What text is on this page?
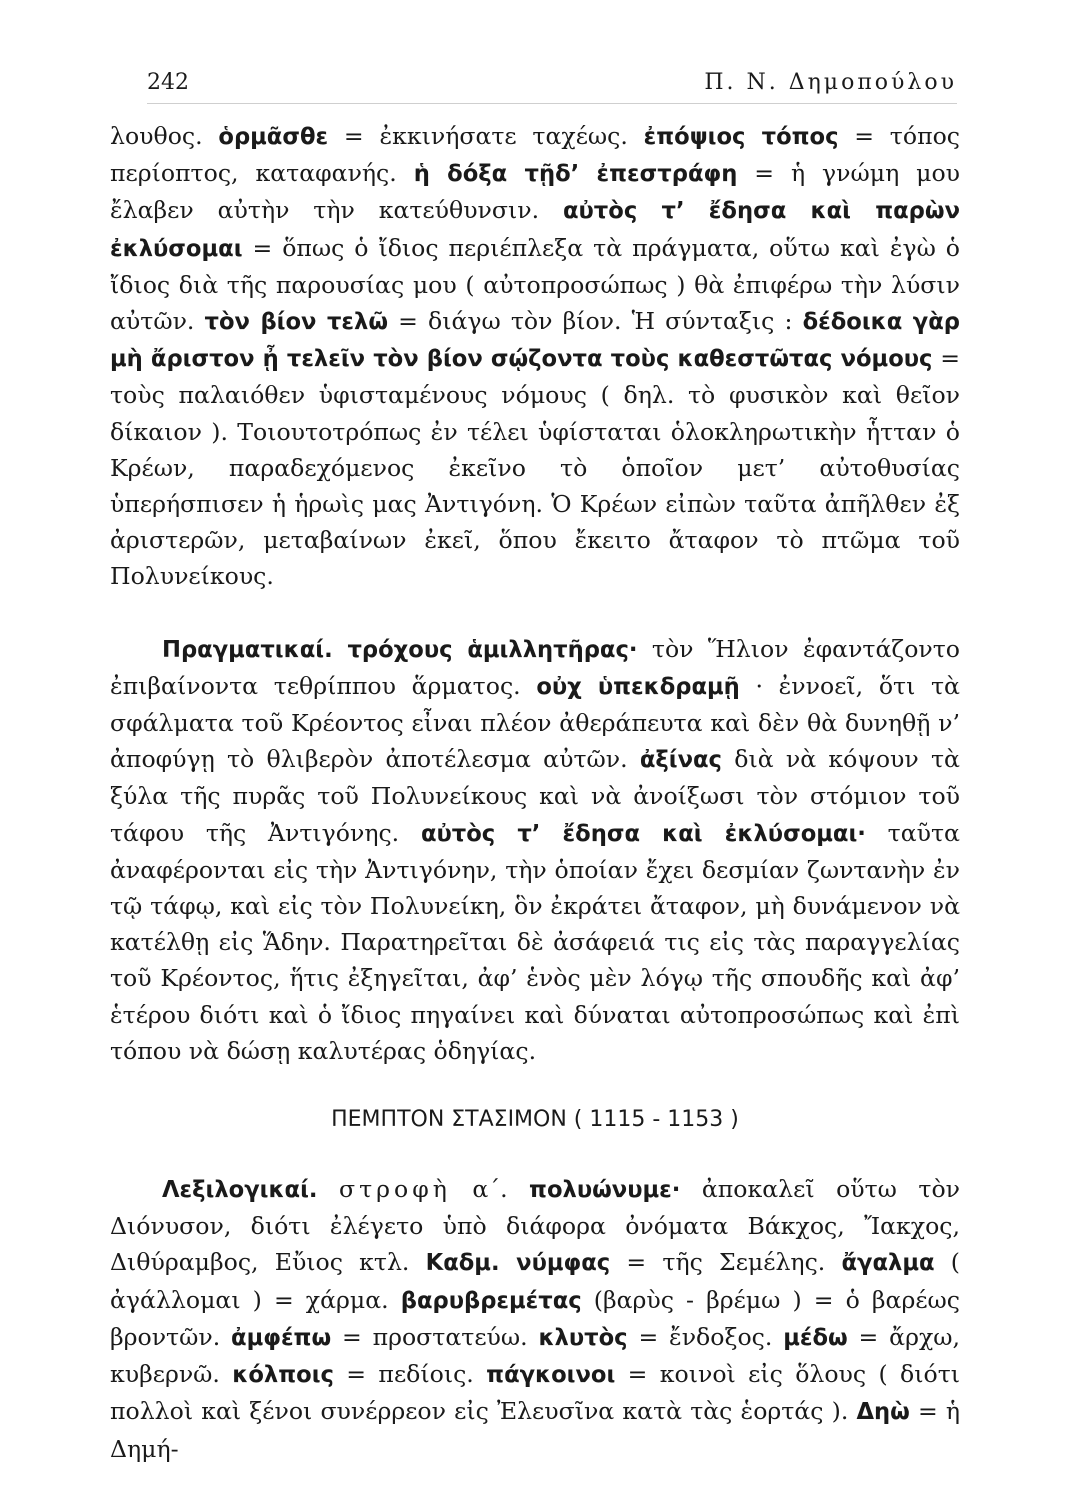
242	Π. Ν. Δημοπούλου

λουθος. ὁρμᾶσθε = ἐκκινήσατε ταχέως. ἐπόψιος τόπος = τόπος περίοπτος, καταφανής. ἡ δόξα τῇδ’ ἐπεστράφη = ἡ γνώμη μου ἔλαβεν αὐτὴν τὴν κατεύθυνσιν. αὐτὸς τ’ ἔδησα καὶ παρὼν ἐκλύσομαι = ὅπως ὁ ἴδιος περιέπλεξα τὰ πράγματα, οὕτω καὶ ἐγὼ ὁ ἴδιος διὰ τῆς παρουσίας μου ( αὐτοπροσώπως ) θὰ ἐπιφέρω τὴν λύσιν αὐτῶν. τὸν βίον τελῶ = διάγω τὸν βίον. Ἡ σύνταξις : δέδοικα γὰρ μὴ ἄριστον ᾖ τελεῖν τὸν βίον σῴζοντα τοὺς καθεστῶτας νόμους = τοὺς παλαιόθεν ὑφισταμένους νόμους ( δηλ. τὸ φυσικὸν καὶ θεῖον δίκαιον ). Τοιουτοτρόπως ἐν τέλει ὑφίσταται ὁλοκληρωτικὴν ἧτταν ὁ Κρέων, παραδεχόμενος ἐκεῖνο τὸ ὁποῖον μετ’ αὐτοθυσίας ὑπερήσπισεν ἡ ἡρωὶς μας Ἀντιγόνη. Ὁ Κρέων εἰπὼν ταῦτα ἀπῆλθεν ἐξ ἀριστερῶν, μεταβαίνων ἐκεῖ, ὅπου ἔκειτο ἄταφον τὸ πτῶμα τοῦ Πολυνείκους.

Πραγματικαί. τρόχους ἁμιλλητῆρας· τὸν Ἥλιον ἐφαντάζοντο ἐπιβαίνοντα τεθρίππου ἅρματος. οὐχ ὑπεκδραμῇ · ἐννοεῖ, ὅτι τὰ σφάλματα τοῦ Κρέοντος εἶναι πλέον ἀθεράπευτα καὶ δὲν θὰ δυνηθῇ ν’ ἀποφύγῃ τὸ θλιβερὸν ἀποτέλεσμα αὐτῶν. ἀξίνας διὰ νὰ κόψουν τὰ ξύλα τῆς πυρᾶς τοῦ Πολυνείκους καὶ νὰ ἀνοίξωσι τὸν στόμιον τοῦ τάφου τῆς Ἀντιγόνης. αὐτὸς τ’ ἔδησα καὶ ἐκλύσομαι· ταῦτα ἀναφέρονται εἰς τὴν Ἀντιγόνην, τὴν ὁποίαν ἔχει δεσμίαν ζωντανὴν ἐν τῷ τάφῳ, καὶ εἰς τὸν Πολυνείκη, ὃν ἐκράτει ἄταφον, μὴ δυνάμενον νὰ κατέλθῃ εἰς Ἅδην. Παρατηρεῖται δὲ ἀσάφειά τις εἰς τὰς παραγγελίας τοῦ Κρέοντος, ἥτις ἐξηγεῖται, ἀφ’ ἑνὸς μὲν λόγῳ τῆς σπουδῆς καὶ ἀφ’ ἑτέρου διότι καὶ ὁ ἴδιος πηγαίνει καὶ δύναται αὐτοπροσώπως καὶ ἐπὶ τόπου νὰ δώσῃ καλυτέρας ὁδηγίας.

ΠΕΜΠΤΟΝ ΣΤΑΣΙΜΟΝ ( 1115 - 1153 )

Λεξιλογικαί. στροφὴ α΄. πολυώνυμε· ἀποκαλεῖ οὕτω τὸν Διόνυσον, διότι ἐλέγετο ὑπὸ διάφορα ὀνόματα Βάκχος, Ἴακχος, Διθύραμβος, Εὔιος κτλ. Καδμ. νύμφας = τῆς Σεμέλης. ἄγαλμα ( ἀγάλλομαι ) = χάρμα. βαρυβρεμέτας (βαρὺς - βρέμω ) = ὁ βαρέως βροντῶν. ἀμφέπω = προστατεύω. κλυτὸς = ἔνδοξος. μέδω = ἄρχω, κυβερνῶ. κόλποις = πεδίοις. πάγκοινοι = κοινοὶ εἰς ὅλους ( διότι πολλοὶ καὶ ξένοι συνέρρεον εἰς Ἐλευσῖνα κατὰ τὰς ἑορτάς ). Δηὼ = ἡ Δημή-
